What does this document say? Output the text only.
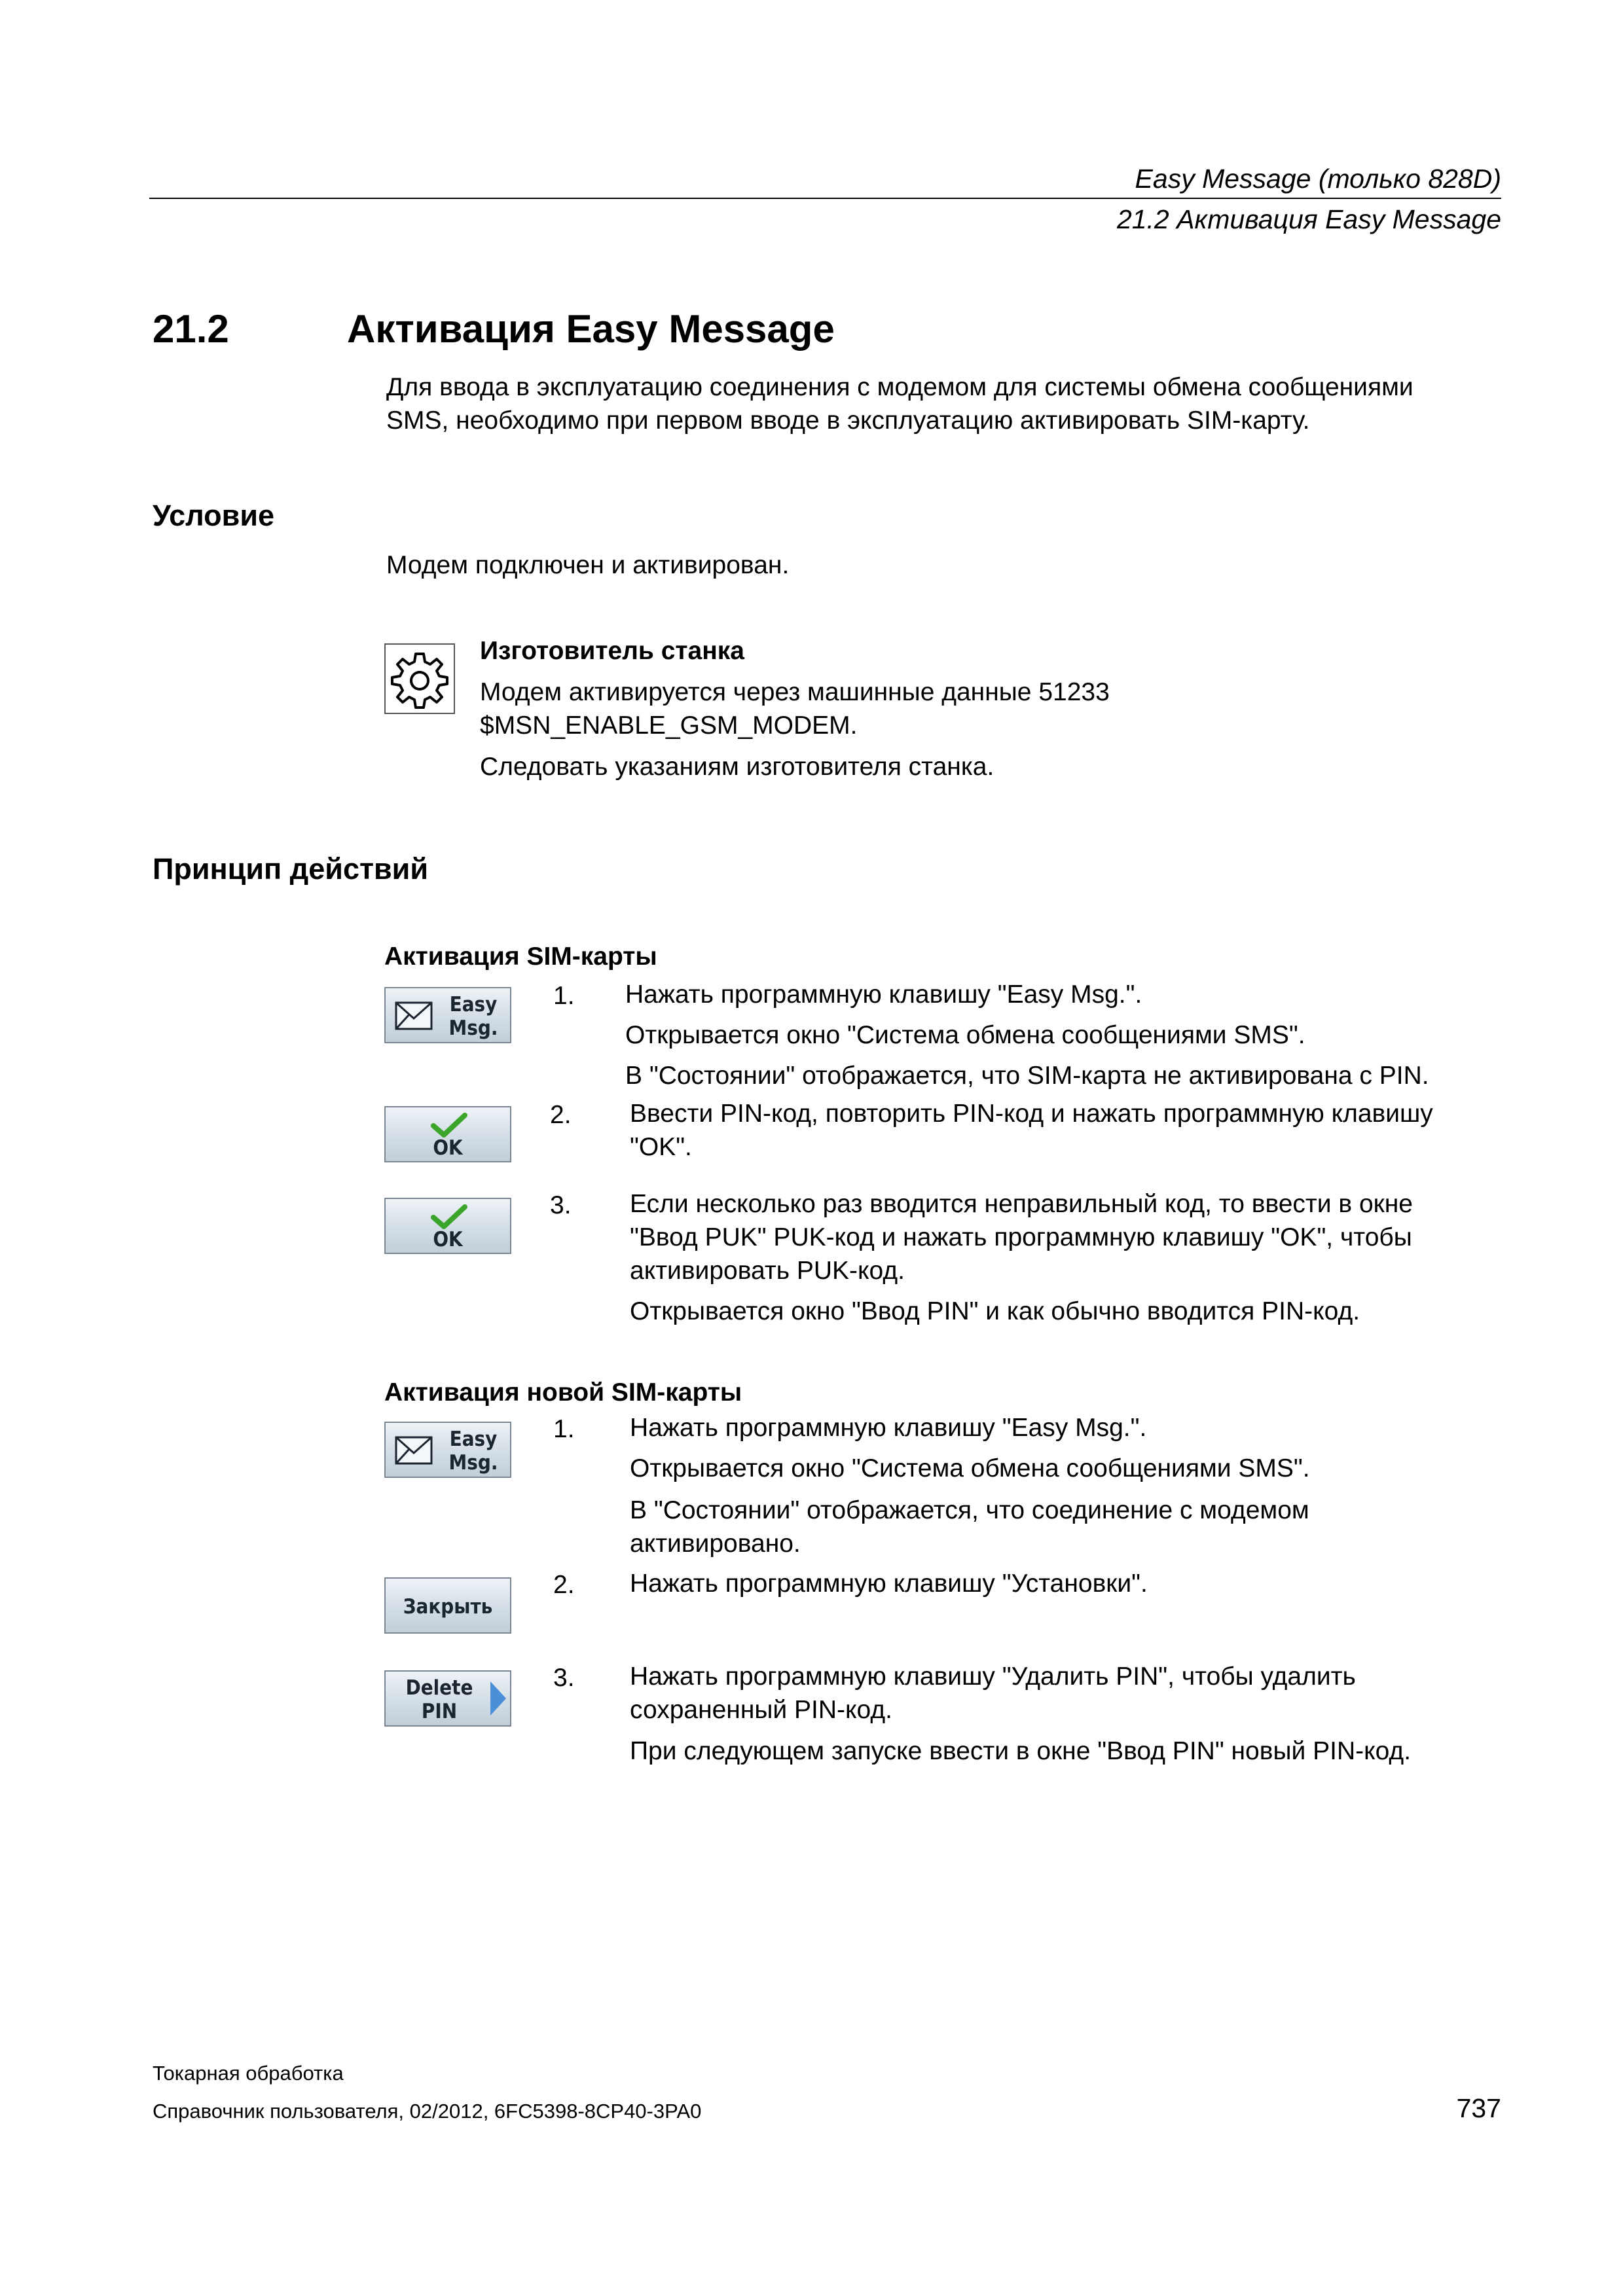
Easy Message (только 828D)
21.2 Активация Easy Message
21.2	Активация Easy Message
Для ввода в эксплуатацию соединения с модемом для системы обмена сообщениями
SMS, необходимо при первом вводе в эксплуатацию активировать SIM-карту.
Условие
Модем подключен и активирован.
Изготовитель станка
Модем активируется через машинные данные 51233
$MSN_ENABLE_GSM_MODEM.
Следовать указаниям изготовителя станка.
Принцип действий
Активация SIM-карты
Easy
Msg.
1. Нажать программную клавишу "Easy Msg.".
Открывается окно "Система обмена сообщениями SMS".
В "Состоянии" отображается, что SIM-карта не активирована с PIN.
OK
2. Ввести PIN-код, повторить PIN-код и нажать программную клавишу
"OK".
OK
3. Если несколько раз вводится неправильный код, то ввести в окне
"Ввод PUK" PUK-код и нажать программную клавишу "OK", чтобы
активировать PUK-код.
Открывается окно "Ввод PIN" и как обычно вводится PIN-код.
Активация новой SIM-карты
Easy
Msg.
1. Нажать программную клавишу "Easy Msg.".
Открывается окно "Система обмена сообщениями SMS".
В "Состоянии" отображается, что соединение с модемом
активировано.
Закрыть
2. Нажать программную клавишу "Установки".
Delete
PIN
3. Нажать программную клавишу "Удалить PIN", чтобы удалить
сохраненный PIN-код.
При следующем запуске ввести в окне "Ввод PIN" новый PIN-код.
Токарная обработка
Справочник пользователя, 02/2012, 6FC5398-8CP40-3PA0	737
